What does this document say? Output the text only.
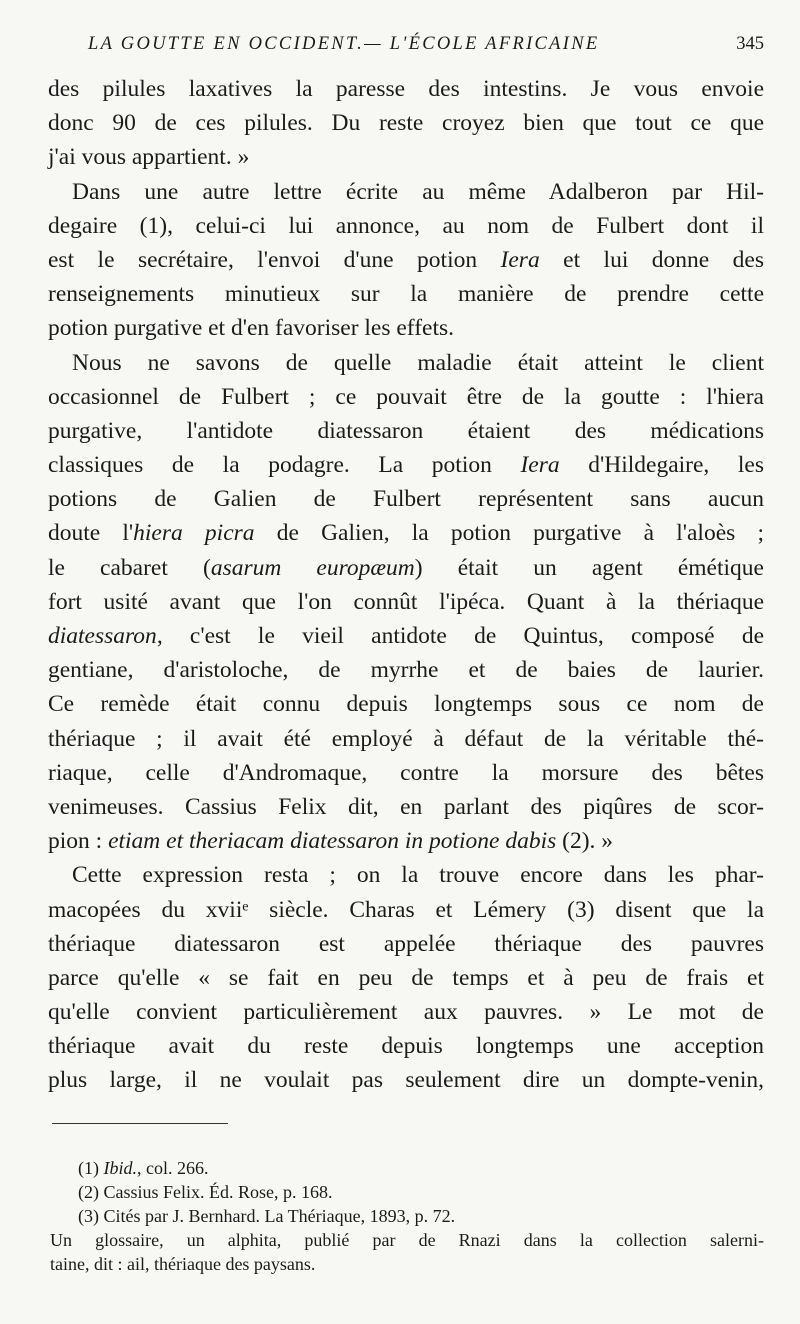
LA GOUTTE EN OCCIDENT.— L'ÉCOLE AFRICAINE	345
des pilules laxatives la paresse des intestins. Je vous envoie
donc 90 de ces pilules. Du reste croyez bien que tout ce que
j'ai vous appartient. »
Dans une autre lettre écrite au même Adalberon par Hil-
degaire (1), celui-ci lui annonce, au nom de Fulbert dont il
est le secrétaire, l'envoi d'une potion Iera et lui donne des
renseignements minutieux sur la manière de prendre cette
potion purgative et d'en favoriser les effets.
Nous ne savons de quelle maladie était atteint le client
occasionnel de Fulbert ; ce pouvait être de la goutte : l'hiera
purgative, l'antidote diatessaron étaient des médications
classiques de la podagre. La potion Iera d'Hildegaire, les
potions de Galien de Fulbert représentent sans aucun
doute l'hiera picra de Galien, la potion purgative à l'aloès ;
le cabaret (asarum europæum) était un agent émétique
fort usité avant que l'on connût l'ipéca. Quant à la thériaque
diatessaron, c'est le vieil antidote de Quintus, composé de
gentiane, d'aristoloche, de myrrhe et de baies de laurier.
Ce remède était connu depuis longtemps sous ce nom de
thériaque ; il avait été employé à défaut de la véritable thé-
riaque, celle d'Andromaque, contre la morsure des bêtes
venimeuses. Cassius Felix dit, en parlant des piqûres de scor-
pion : etiam et theriacam diatessaron in potione dabis (2). »
Cette expression resta ; on la trouve encore dans les phar-
macopées du xviiᵉ siècle. Charas et Lémery (3) disent que la
thériaque diatessaron est appelée thériaque des pauvres
parce qu'elle « se fait en peu de temps et à peu de frais et
qu'elle convient particulièrement aux pauvres. » Le mot de
thériaque avait du reste depuis longtemps une acception
plus large, il ne voulait pas seulement dire un dompte-venin,
(1) Ibid., col. 266.
(2) Cassius Felix. Éd. Rose, p. 168.
(3) Cités par J. Bernhard. La Thériaque, 1893, p. 72.
Un glossaire, un alphita, publié par de Rnazi dans la collection salerni-
taine, dit : ail, thériaque des paysans.
